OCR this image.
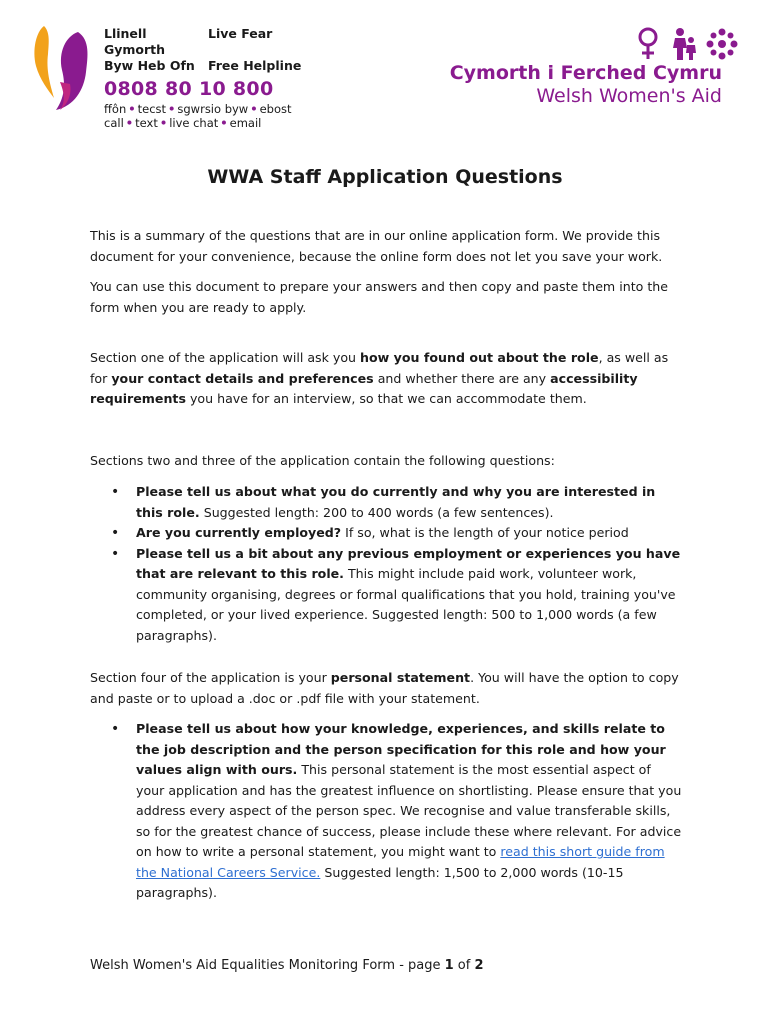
Llinell Gymorth
Live Fear
Byw Heb Ofn	Free Helpline
0808 80 10 800
ffôn • tecst • sgwrsio byw • ebost
call • text • live chat • email
Cymorth i Ferched Cymru
Welsh Women's Aid
WWA Staff Application Questions

This is a summary of the questions that are in our online application form. We provide this document for your convenience, because the online form does not let you save your work.

You can use this document to prepare your answers and then copy and paste them into the form when you are ready to apply.

Section one of the application will ask you how you found out about the role, as well as for your contact details and preferences and whether there are any accessibility requirements you have for an interview, so that we can accommodate them.

Sections two and three of the application contain the following questions:

• Please tell us about what you do currently and why you are interested in this role. Suggested length: 200 to 400 words (a few sentences).
• Are you currently employed? If so, what is the length of your notice period
• Please tell us a bit about any previous employment or experiences you have that are relevant to this role. This might include paid work, volunteer work, community organising, degrees or formal qualifications that you hold, training you've completed, or your lived experience. Suggested length: 500 to 1,000 words (a few paragraphs).

Section four of the application is your personal statement. You will have the option to copy and paste or to upload a .doc or .pdf file with your statement.

• Please tell us about how your knowledge, experiences, and skills relate to the job description and the person specification for this role and how your values align with ours. This personal statement is the most essential aspect of your application and has the greatest influence on shortlisting. Please ensure that you address every aspect of the person spec. We recognise and value transferable skills, so for the greatest chance of success, please include these where relevant. For advice on how to write a personal statement, you might want to read this short guide from the National Careers Service. Suggested length: 1,500 to 2,000 words (10-15 paragraphs).
Welsh Women's Aid Equalities Monitoring Form - page 1 of 2
